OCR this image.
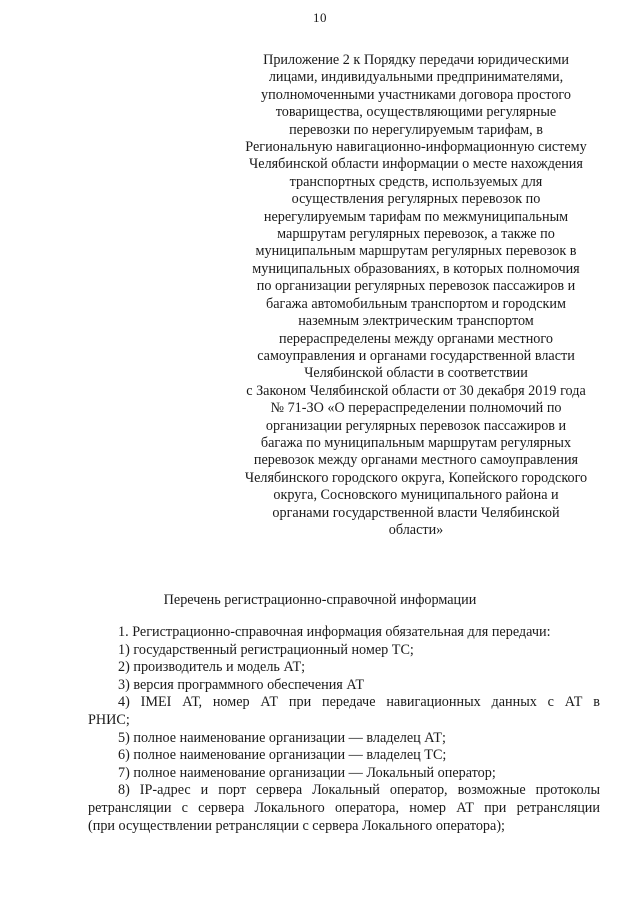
10
Приложение 2 к Порядку передачи юридическими
лицами, индивидуальными предпринимателями,
уполномоченными участниками договора простого
товарищества, осуществляющими регулярные
перевозки по нерегулируемым тарифам, в
Региональную навигационно-информационную систему
Челябинской области информации о месте нахождения
транспортных средств, используемых для
осуществления регулярных перевозок по
нерегулируемым тарифам по межмуниципальным
маршрутам регулярных перевозок, а также по
муниципальным маршрутам регулярных перевозок в
муниципальных образованиях, в которых полномочия
по организации регулярных перевозок пассажиров и
багажа автомобильным транспортом и городским
наземным электрическим транспортом
перераспределены между органами местного
самоуправления и органами государственной власти
Челябинской области в соответствии
с Законом Челябинской области от 30 декабря 2019 года
№ 71-ЗО «О перераспределении полномочий по
организации регулярных перевозок пассажиров и
багажа по муниципальным маршрутам регулярных
перевозок между органами местного самоуправления
Челябинского городского округа, Копейского городского
округа, Сосновского муниципального района и
органами государственной власти Челябинской
области»
Перечень регистрационно-справочной информации
1. Регистрационно-справочная информация обязательная для передачи:
1) государственный регистрационный номер ТС;
2) производитель и модель АТ;
3) версия программного обеспечения АТ
4) IMEI АТ, номер АТ при передаче навигационных данных с АТ в
РНИС;
5) полное наименование организации — владелец АТ;
6) полное наименование организации — владелец ТС;
7) полное наименование организации — Локальный оператор;
8) IP-адрес и порт сервера Локальный оператор, возможные протоколы
ретрансляции с сервера Локального оператора, номер АТ при ретрансляции
(при осуществлении ретрансляции с сервера Локального оператора);
